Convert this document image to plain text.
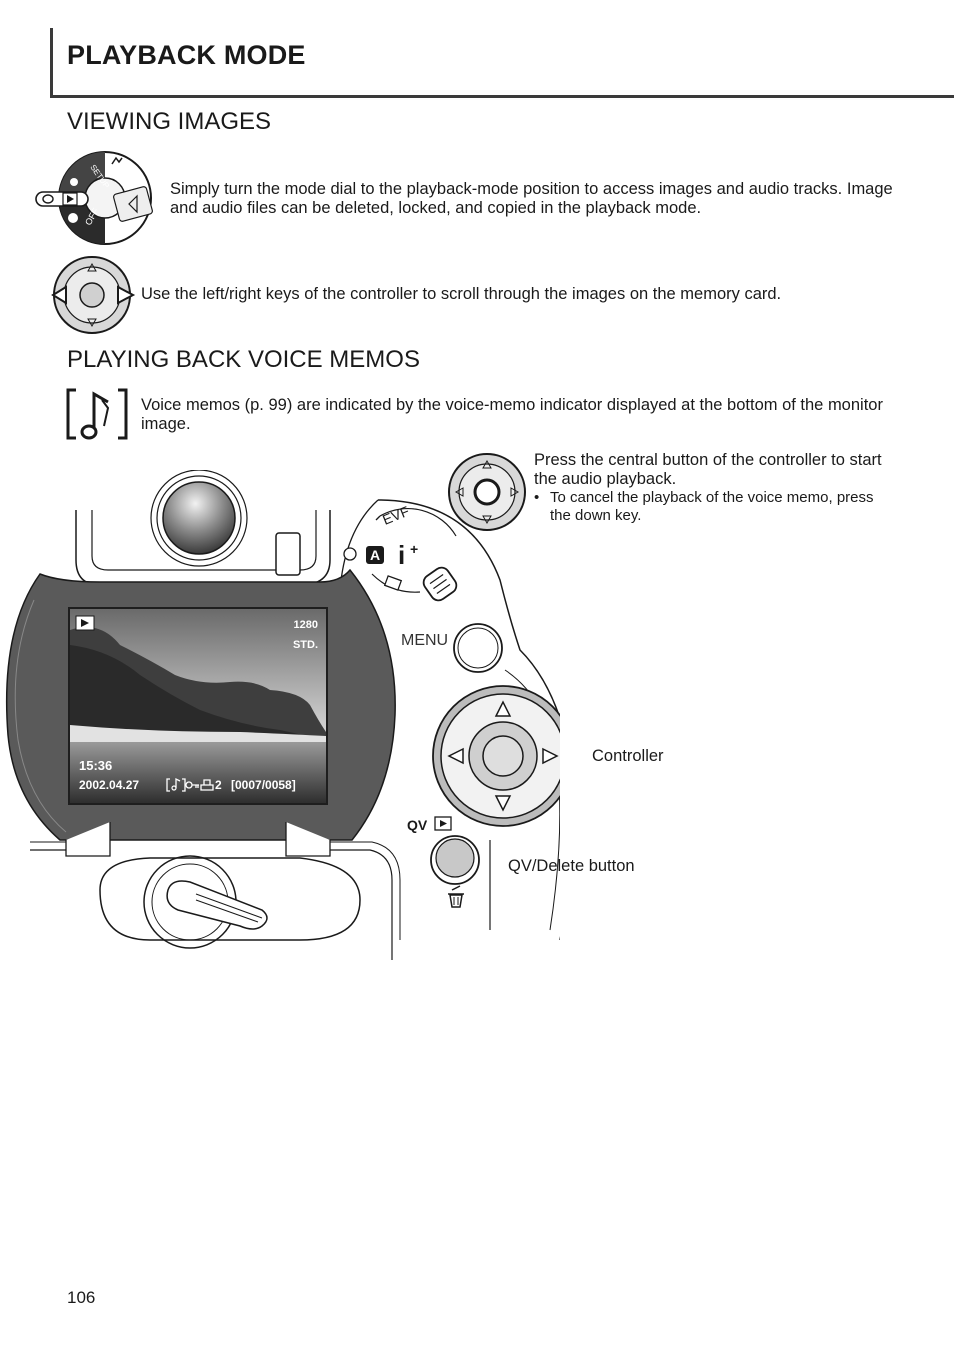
PLAYBACK MODE
VIEWING IMAGES
SETUP
OFF
Simply turn the mode dial to the playback-mode position to access images and audio tracks. Image and audio files can be deleted, locked, and copied in the playback mode.
Use the left/right keys of the controller to scroll through the images on the memory card.
PLAYING BACK VOICE MEMOS
Voice memos (p. 99) are indicated by the voice-memo indicator displayed at the bottom of the monitor image.
Press the central button of the controller to start the audio playback.
• To cancel the playback of the voice memo, press the down key.
1280
STD.
15:36
2002.04.27	2 [0007/0058]
EVF
A i +
MENU
QV
Controller
QV/Delete button
106
